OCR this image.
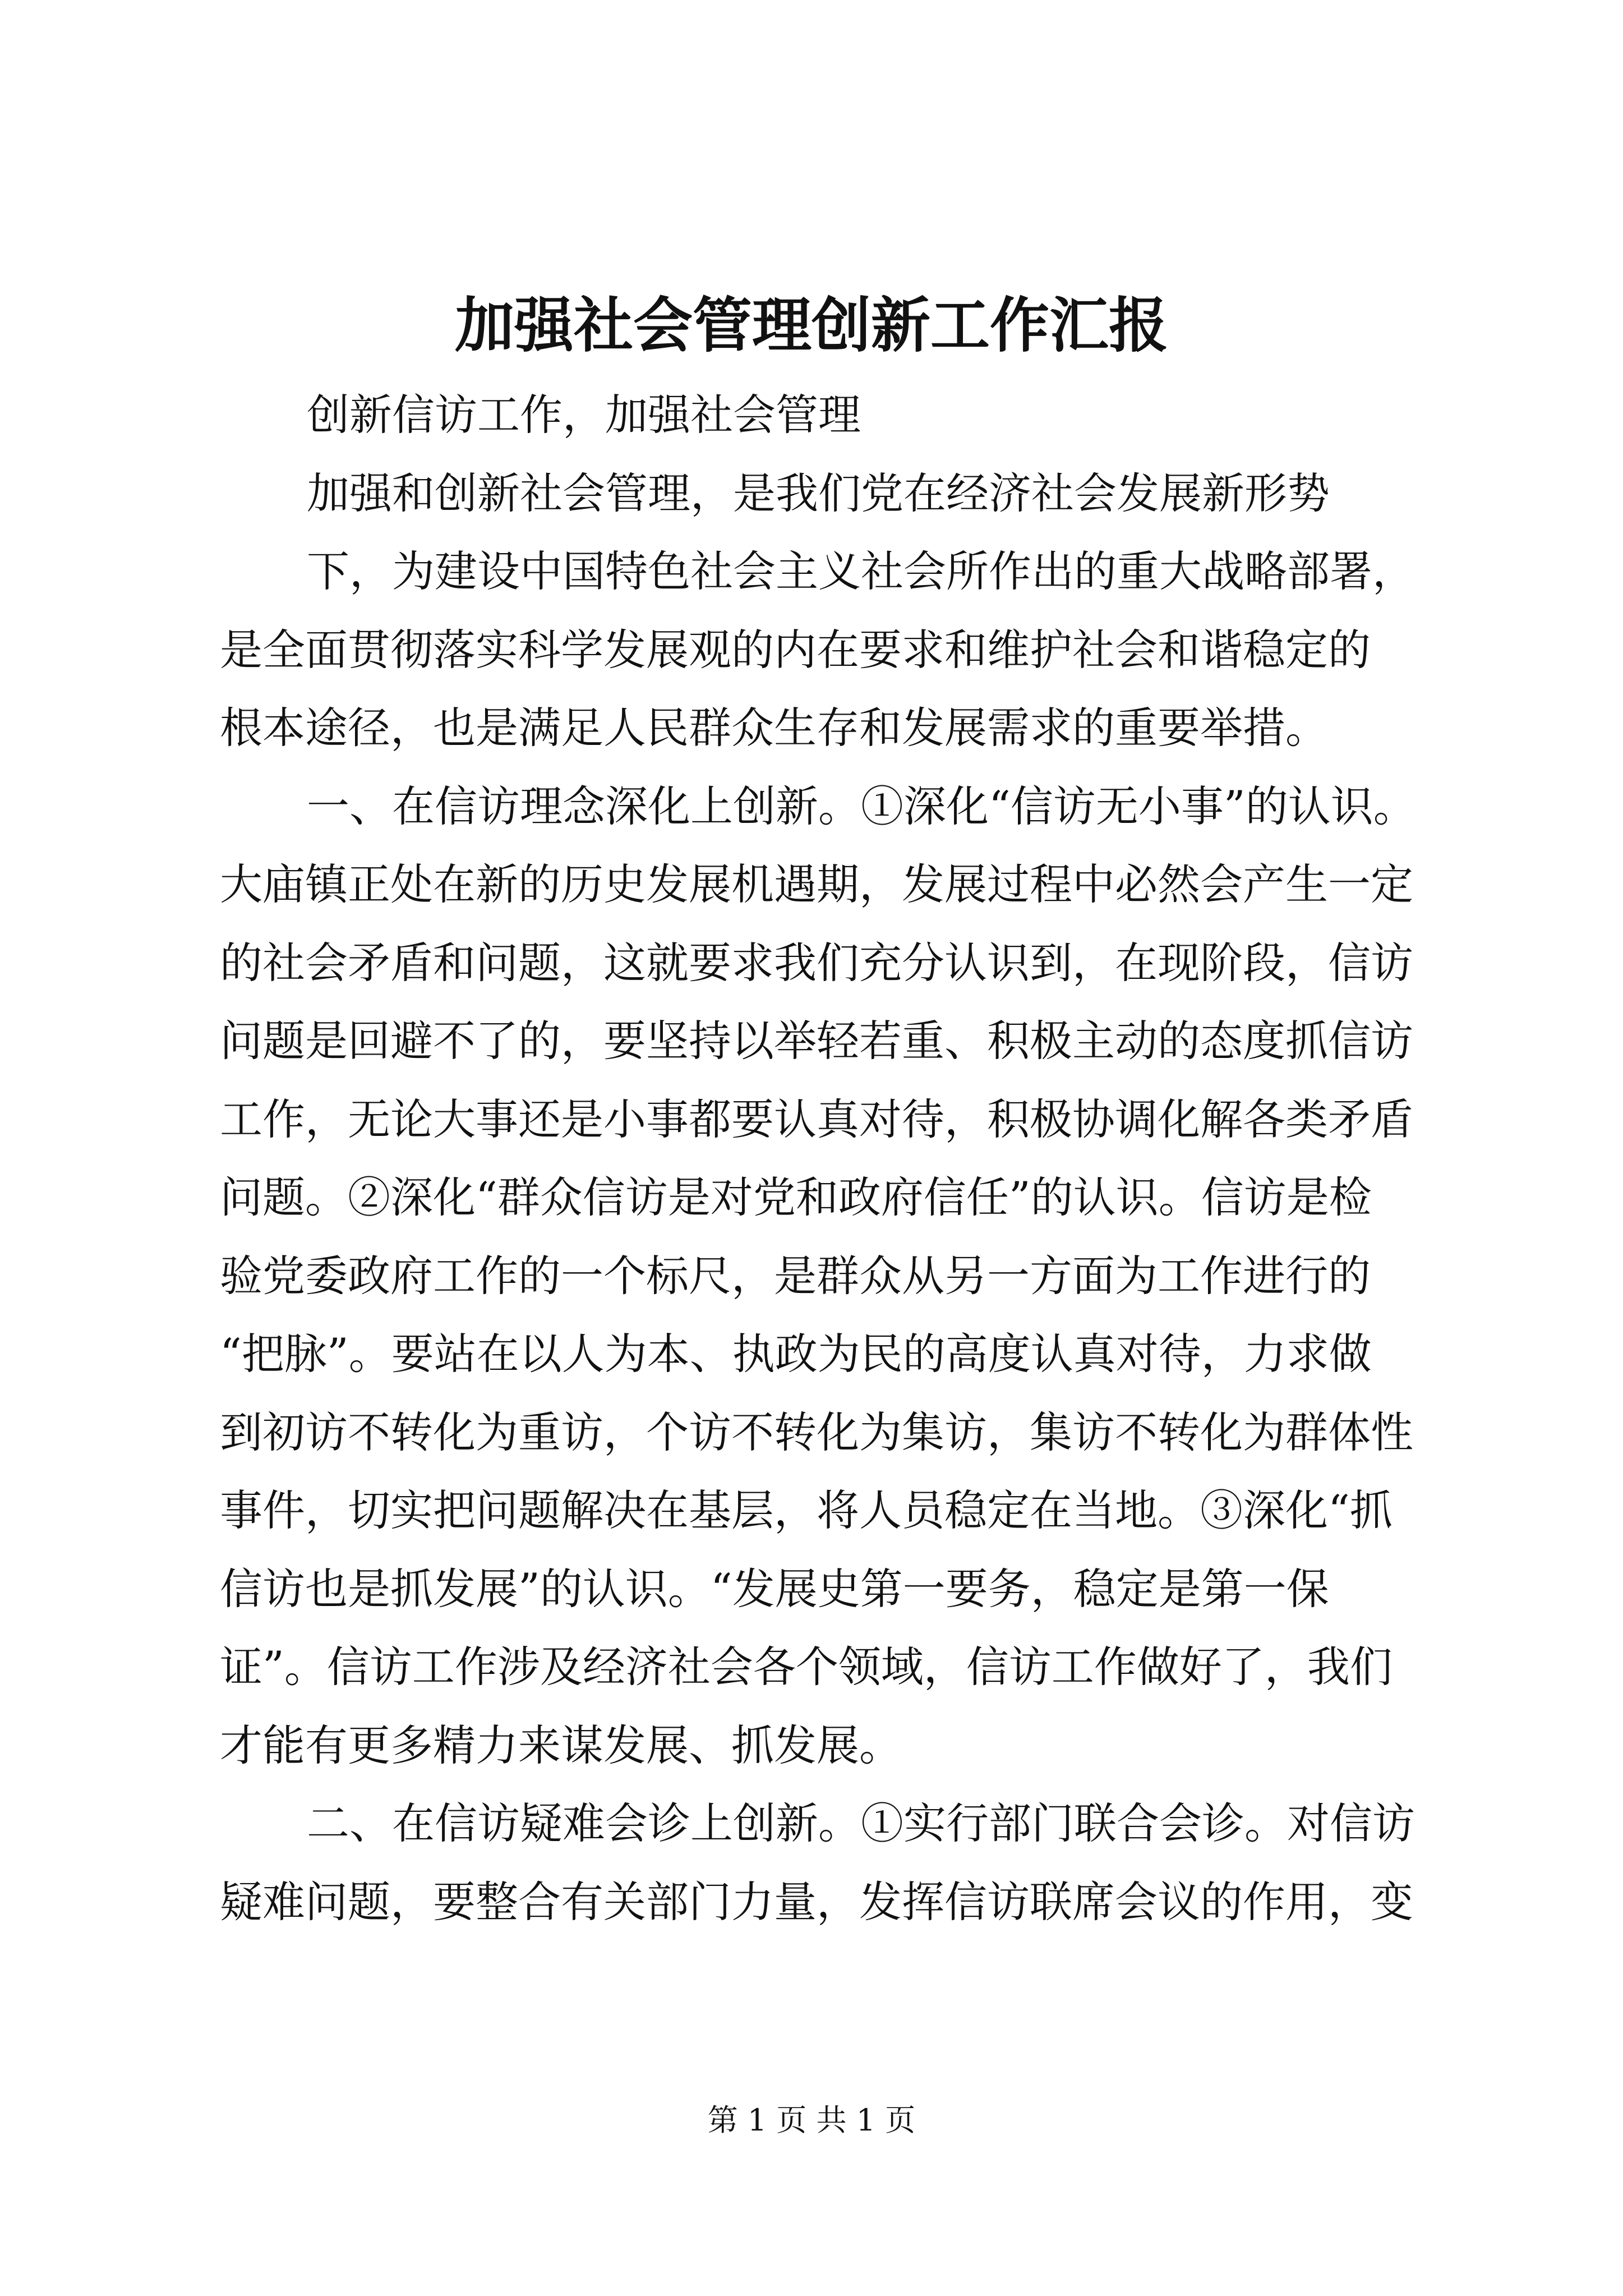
加强社会管理创新工作汇报
创新信访工作，加强社会管理
加强和创新社会管理，是我们党在经济社会发展新形势
下，为建设中国特色社会主义社会所作出的重大战略部署，
是全面贯彻落实科学发展观的内在要求和维护社会和谐稳定的
根本途径，也是满足人民群众生存和发展需求的重要举措。
一、在信访理念深化上创新。①深化“信访无小事”的认识。
大庙镇正处在新的历史发展机遇期，发展过程中必然会产生一定
的社会矛盾和问题，这就要求我们充分认识到，在现阶段，信访
问题是回避不了的，要坚持以举轻若重、积极主动的态度抓信访
工作，无论大事还是小事都要认真对待，积极协调化解各类矛盾
问题。②深化“群众信访是对党和政府信任”的认识。信访是检
验党委政府工作的一个标尺，是群众从另一方面为工作进行的
“把脉”。要站在以人为本、执政为民的高度认真对待，力求做
到初访不转化为重访，个访不转化为集访，集访不转化为群体性
事件，切实把问题解决在基层，将人员稳定在当地。③深化“抓
信访也是抓发展”的认识。“发展史第一要务，稳定是第一保
证”。信访工作涉及经济社会各个领域，信访工作做好了，我们
才能有更多精力来谋发展、抓发展。
二、在信访疑难会诊上创新。①实行部门联合会诊。对信访
疑难问题，要整合有关部门力量，发挥信访联席会议的作用，变
第 1 页 共 1 页
